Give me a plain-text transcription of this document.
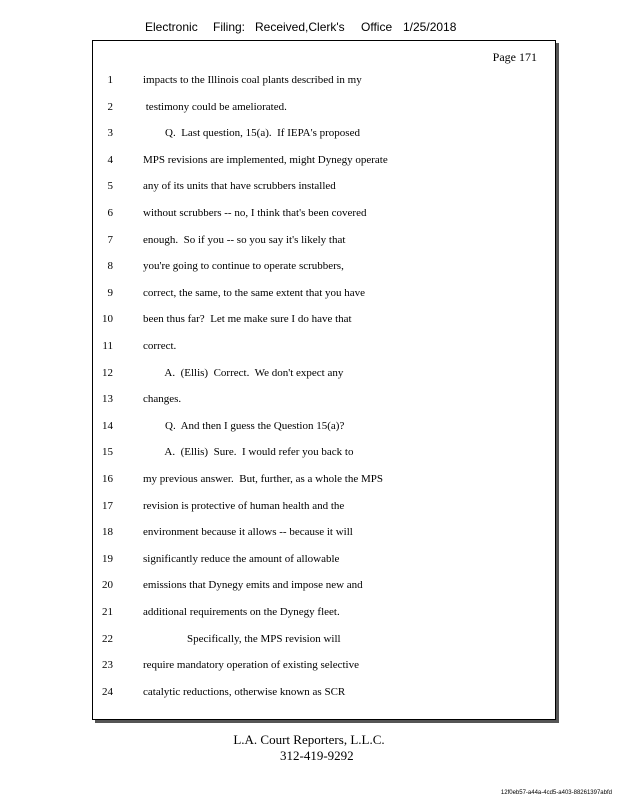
Electronic Filing: Received,Clerk's Office 1/25/2018
Page 171
1	impacts to the Illinois coal plants described in my
2	testimony could be ameliorated.
3	Q.  Last question, 15(a).  If IEPA's proposed
4	MPS revisions are implemented, might Dynegy operate
5	any of its units that have scrubbers installed
6	without scrubbers -- no, I think that's been covered
7	enough.  So if you -- so you say it's likely that
8	you're going to continue to operate scrubbers,
9	correct, the same, to the same extent that you have
10	been thus far?  Let me make sure I do have that
11	correct.
12	A.  (Ellis)  Correct.  We don't expect any
13	changes.
14	Q.  And then I guess the Question 15(a)?
15	A.  (Ellis)  Sure.  I would refer you back to
16	my previous answer.  But, further, as a whole the MPS
17	revision is protective of human health and the
18	environment because it allows -- because it will
19	significantly reduce the amount of allowable
20	emissions that Dynegy emits and impose new and
21	additional requirements on the Dynegy fleet.
22	Specifically, the MPS revision will
23	require mandatory operation of existing selective
24	catalytic reductions, otherwise known as SCR
L.A. Court Reporters, L.L.C.
312-419-9292
12f0eb57-a44a-4cd5-a403-88261397abfd
